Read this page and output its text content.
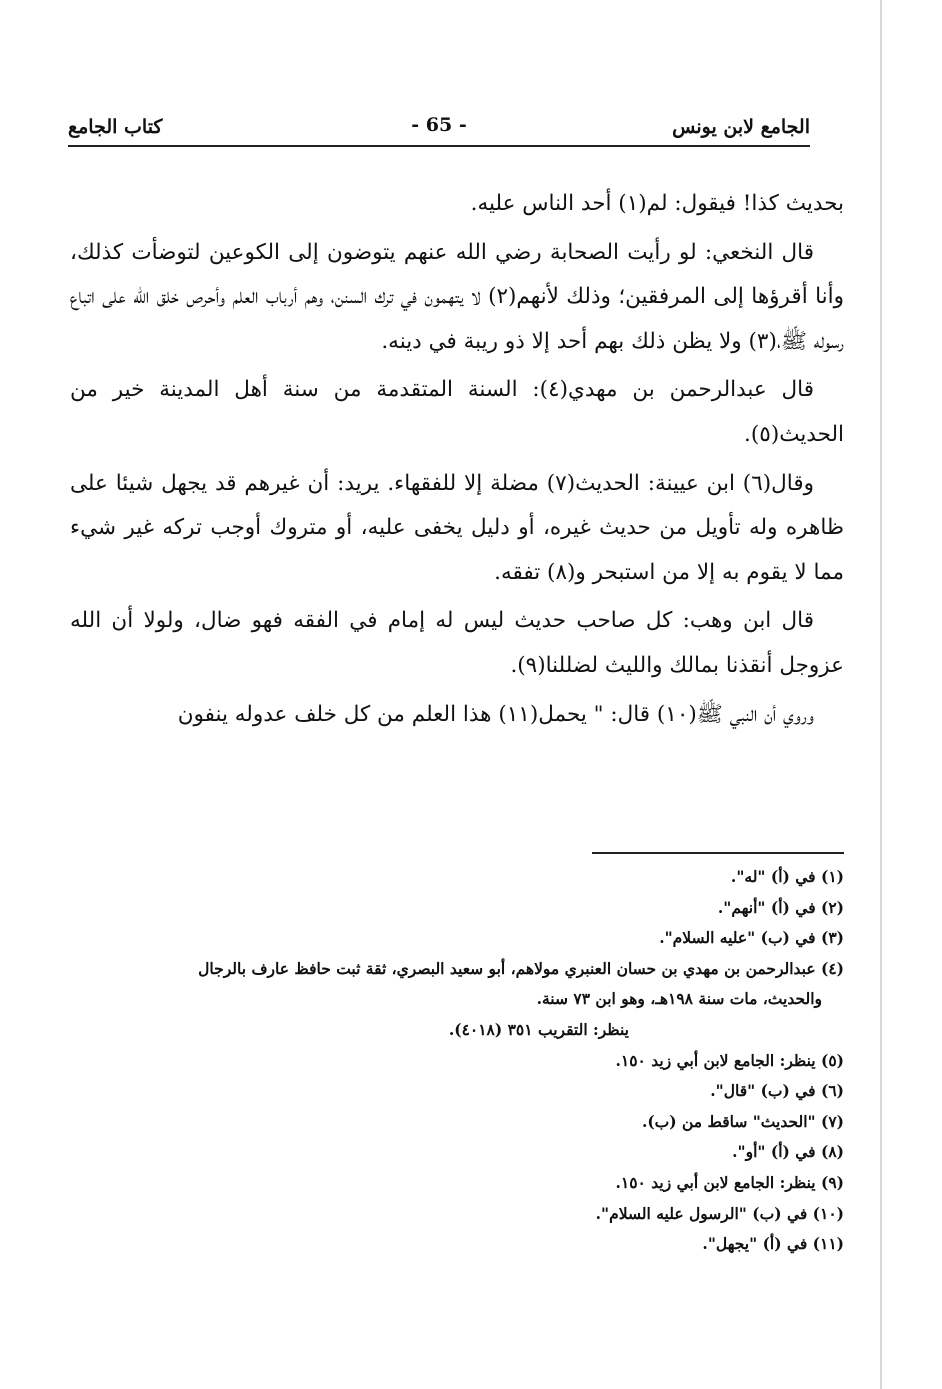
الجامع لابن يونس
- 65 -
كتاب الجامع

بحديث كذا! فيقول: لم(١) أحد الناس عليه.

قال النخعي: لو رأيت الصحابة رضي الله عنهم يتوضون إلى الكوعين لتوضأت كذلك، وأنا أقرؤها إلى المرفقين؛ وذلك لأنهم(٢) لا يتهمون في ترك السنن، وهم أرباب العلم وأحرص خلق الله على اتباع رسوله ﷺ،(٣) ولا يظن ذلك بهم أحد إلا ذو ريبة في دينه.

قال عبدالرحمن بن مهدي(٤): السنة المتقدمة من سنة أهل المدينة خير من الحديث(٥).

وقال(٦) ابن عيينة: الحديث(٧) مضلة إلا للفقهاء. يريد: أن غيرهم قد يجهل شيئا على ظاهره وله تأويل من حديث غيره، أو دليل يخفى عليه، أو متروك أوجب تركه غير شيء مما لا يقوم به إلا من استبحر و(٨) تفقه.

قال ابن وهب: كل صاحب حديث ليس له إمام في الفقه فهو ضال، ولولا أن الله عزوجل أنقذنا بمالك والليث لضللنا(٩).

وروي أن النبي ﷺ(١٠) قال: " يحمل(١١) هذا العلم من كل خلف عدوله ينفون

(١) في (أ) "له".

(٢) في (أ) "أنهم".

(٣) في (ب) "عليه السلام".

(٤) عبدالرحمن بن مهدي بن حسان العنبري مولاهم، أبو سعيد البصري، ثقة ثبت حافظ عارف بالرجال

والحديث، مات سنة ١٩٨هـ، وهو ابن ٧٣ سنة.

ينظر: التقريب ٣٥١ (٤٠١٨).

(٥) ينظر: الجامع لابن أبي زيد ١٥٠.

(٦) في (ب) "قال".

(٧) "الحديث" ساقط من (ب).

(٨) في (أ) "أو".

(٩) ينظر: الجامع لابن أبي زيد ١٥٠.

(١٠) في (ب) "الرسول عليه السلام".

(١١) في (أ) "يجهل".
